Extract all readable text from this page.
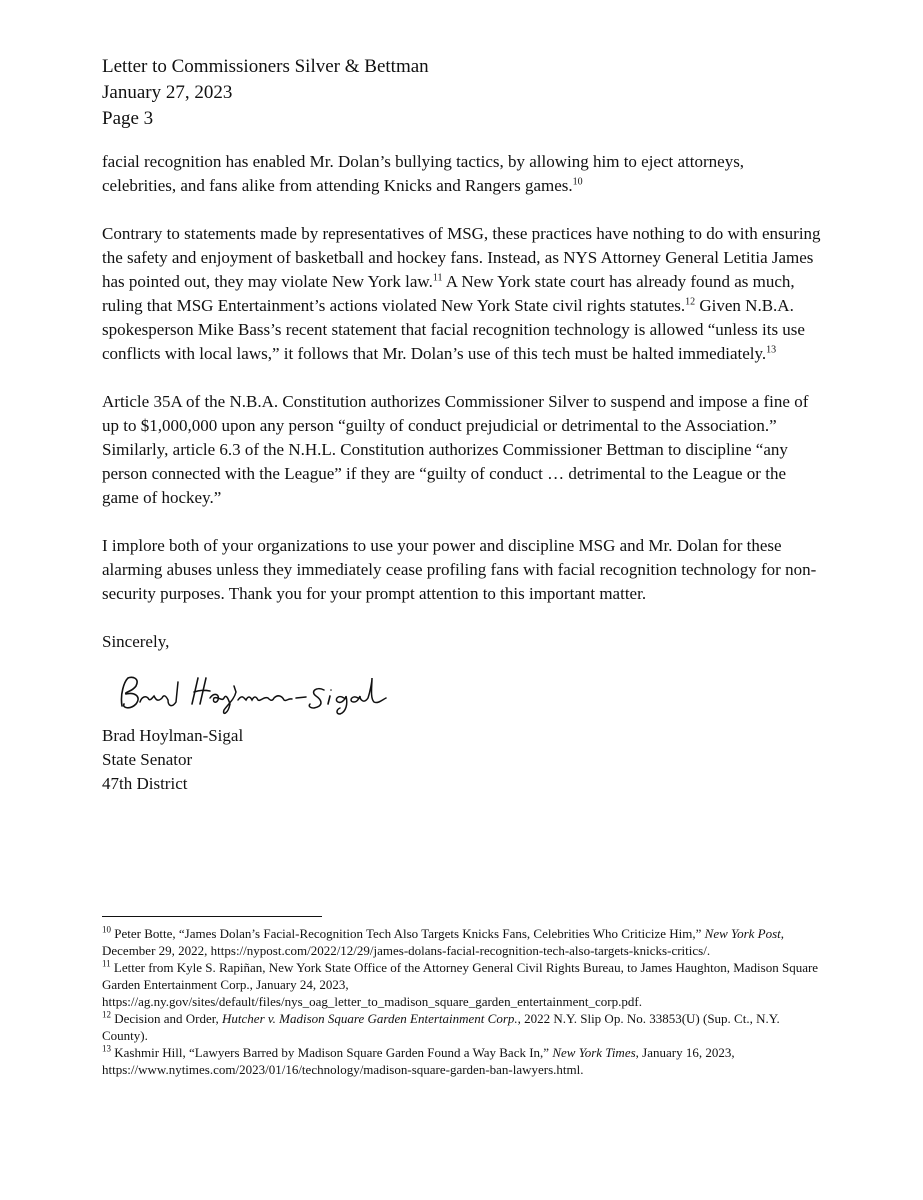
Letter to Commissioners Silver & Bettman

January 27, 2023

Page 3

facial recognition has enabled Mr. Dolan’s bullying tactics, by allowing him to eject attorneys, celebrities, and fans alike from attending Knicks and Rangers games.$^{10}$

Contrary to statements made by representatives of MSG, these practices have nothing to do with ensuring the safety and enjoyment of basketball and hockey fans. Instead, as NYS Attorney General Letitia James has pointed out, they may violate New York law.$^{11}$ A New York state court has already found as much, ruling that MSG Entertainment’s actions violated New York State civil rights statutes.$^{12}$ Given N.B.A. spokesperson Mike Bass’s recent statement that facial recognition technology is allowed “unless its use conflicts with local laws,” it follows that Mr. Dolan’s use of this tech must be halted immediately.$^{13}$

Article 35A of the N.B.A. Constitution authorizes Commissioner Silver to suspend and impose a fine of up to $1,000,000 upon any person “guilty of conduct prejudicial or detrimental to the Association.” Similarly, article 6.3 of the N.H.L. Constitution authorizes Commissioner Bettman to discipline “any person connected with the League” if they are “guilty of conduct … detrimental to the League or the game of hockey.”

I implore both of your organizations to use your power and discipline MSG and Mr. Dolan for these alarming abuses unless they immediately cease profiling fans with facial recognition technology for non-security purposes. Thank you for your prompt attention to this important matter.

Sincerely,

Brad Hoylman-Sigal

State Senator

47th District

$^{10}$ Peter Botte, “James Dolan’s Facial-Recognition Tech Also Targets Knicks Fans, Celebrities Who Criticize Him,” New York Post, December 29, 2022, https://nypost.com/2022/12/29/james-dolans-facial-recognition-tech-also-targets-knicks-critics/.

$^{11}$ Letter from Kyle S. Rapiñan, New York State Office of the Attorney General Civil Rights Bureau, to James Haughton, Madison Square Garden Entertainment Corp., January 24, 2023, https://ag.ny.gov/sites/default/files/nys_oag_letter_to_madison_square_garden_entertainment_corp.pdf.

$^{12}$ Decision and Order, Hutcher v. Madison Square Garden Entertainment Corp., 2022 N.Y. Slip Op. No. 33853(U) (Sup. Ct., N.Y. County).

$^{13}$ Kashmir Hill, “Lawyers Barred by Madison Square Garden Found a Way Back In,” New York Times, January 16, 2023, https://www.nytimes.com/2023/01/16/technology/madison-square-garden-ban-lawyers.html.
